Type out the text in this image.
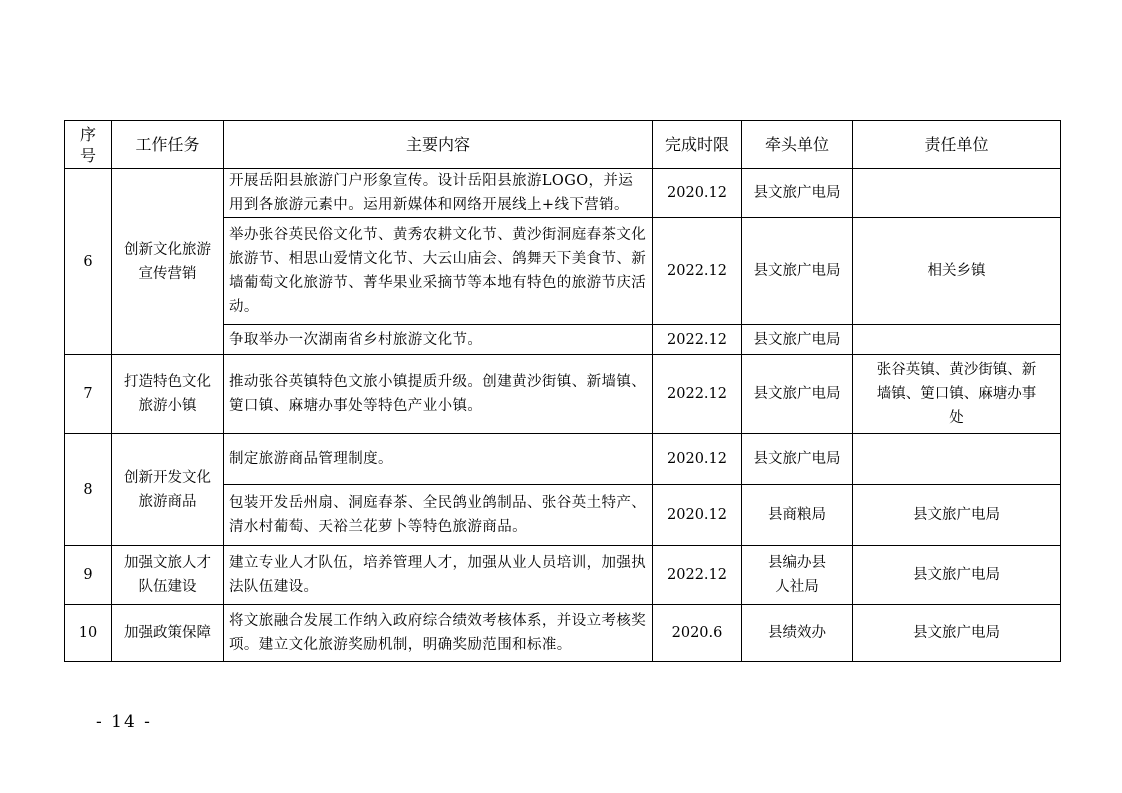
序号	工作任务	主要内容	完成时限	牵头单位	责任单位
6	创新文化旅游宣传营销	开展岳阳县旅游门户形象宣传。设计岳阳县旅游LOGO，并运用到各旅游元素中。运用新媒体和网络开展线上+线下营销。	2020.12	县文旅广电局	
		举办张谷英民俗文化节、黄秀农耕文化节、黄沙街洞庭春茶文化旅游节、相思山爱情文化节、大云山庙会、鸽舞天下美食节、新墙葡萄文化旅游节、菁华果业采摘节等本地有特色的旅游节庆活动。	2022.12	县文旅广电局	相关乡镇
		争取举办一次湖南省乡村旅游文化节。	2022.12	县文旅广电局	
7	打造特色文化旅游小镇	推动张谷英镇特色文旅小镇提质升级。创建黄沙街镇、新墙镇、筻口镇、麻塘办事处等特色产业小镇。	2022.12	县文旅广电局	张谷英镇、黄沙街镇、新墙镇、筻口镇、麻塘办事处
8	创新开发文化旅游商品	制定旅游商品管理制度。	2020.12	县文旅广电局	
		包装开发岳州扇、洞庭春茶、全民鸽业鸽制品、张谷英土特产、清水村葡萄、天裕兰花萝卜等特色旅游商品。	2020.12	县商粮局	县文旅广电局
9	加强文旅人才队伍建设	建立专业人才队伍，培养管理人才，加强从业人员培训，加强执法队伍建设。	2022.12	县编办县人社局	县文旅广电局
10	加强政策保障	将文旅融合发展工作纳入政府综合绩效考核体系，并设立考核奖项。建立文化旅游奖励机制，明确奖励范围和标准。	2020.6	县绩效办	县文旅广电局
- 14 -
